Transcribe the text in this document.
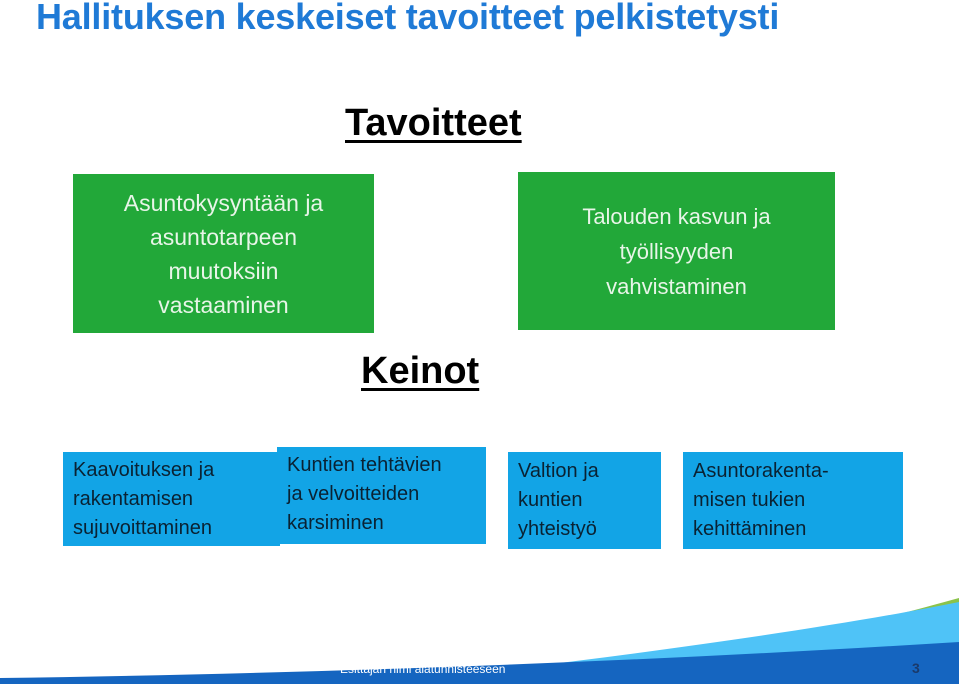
Hallituksen keskeiset tavoitteet pelkistetysti
Tavoitteet
Asuntokysyntään ja
asuntotarpeen
muutoksiin
vastaaminen
Talouden kasvun ja
työllisyyden
vahvistaminen
Keinot
Kaavoituksen ja
rakentamisen
sujuvoittaminen
Kuntien tehtävien
ja velvoitteiden
karsiminen
Valtion ja
kuntien
yhteistyö
Asuntorakenta-
misen tukien
kehittäminen
Esittäjän nimi alatunnisteeseen	3
